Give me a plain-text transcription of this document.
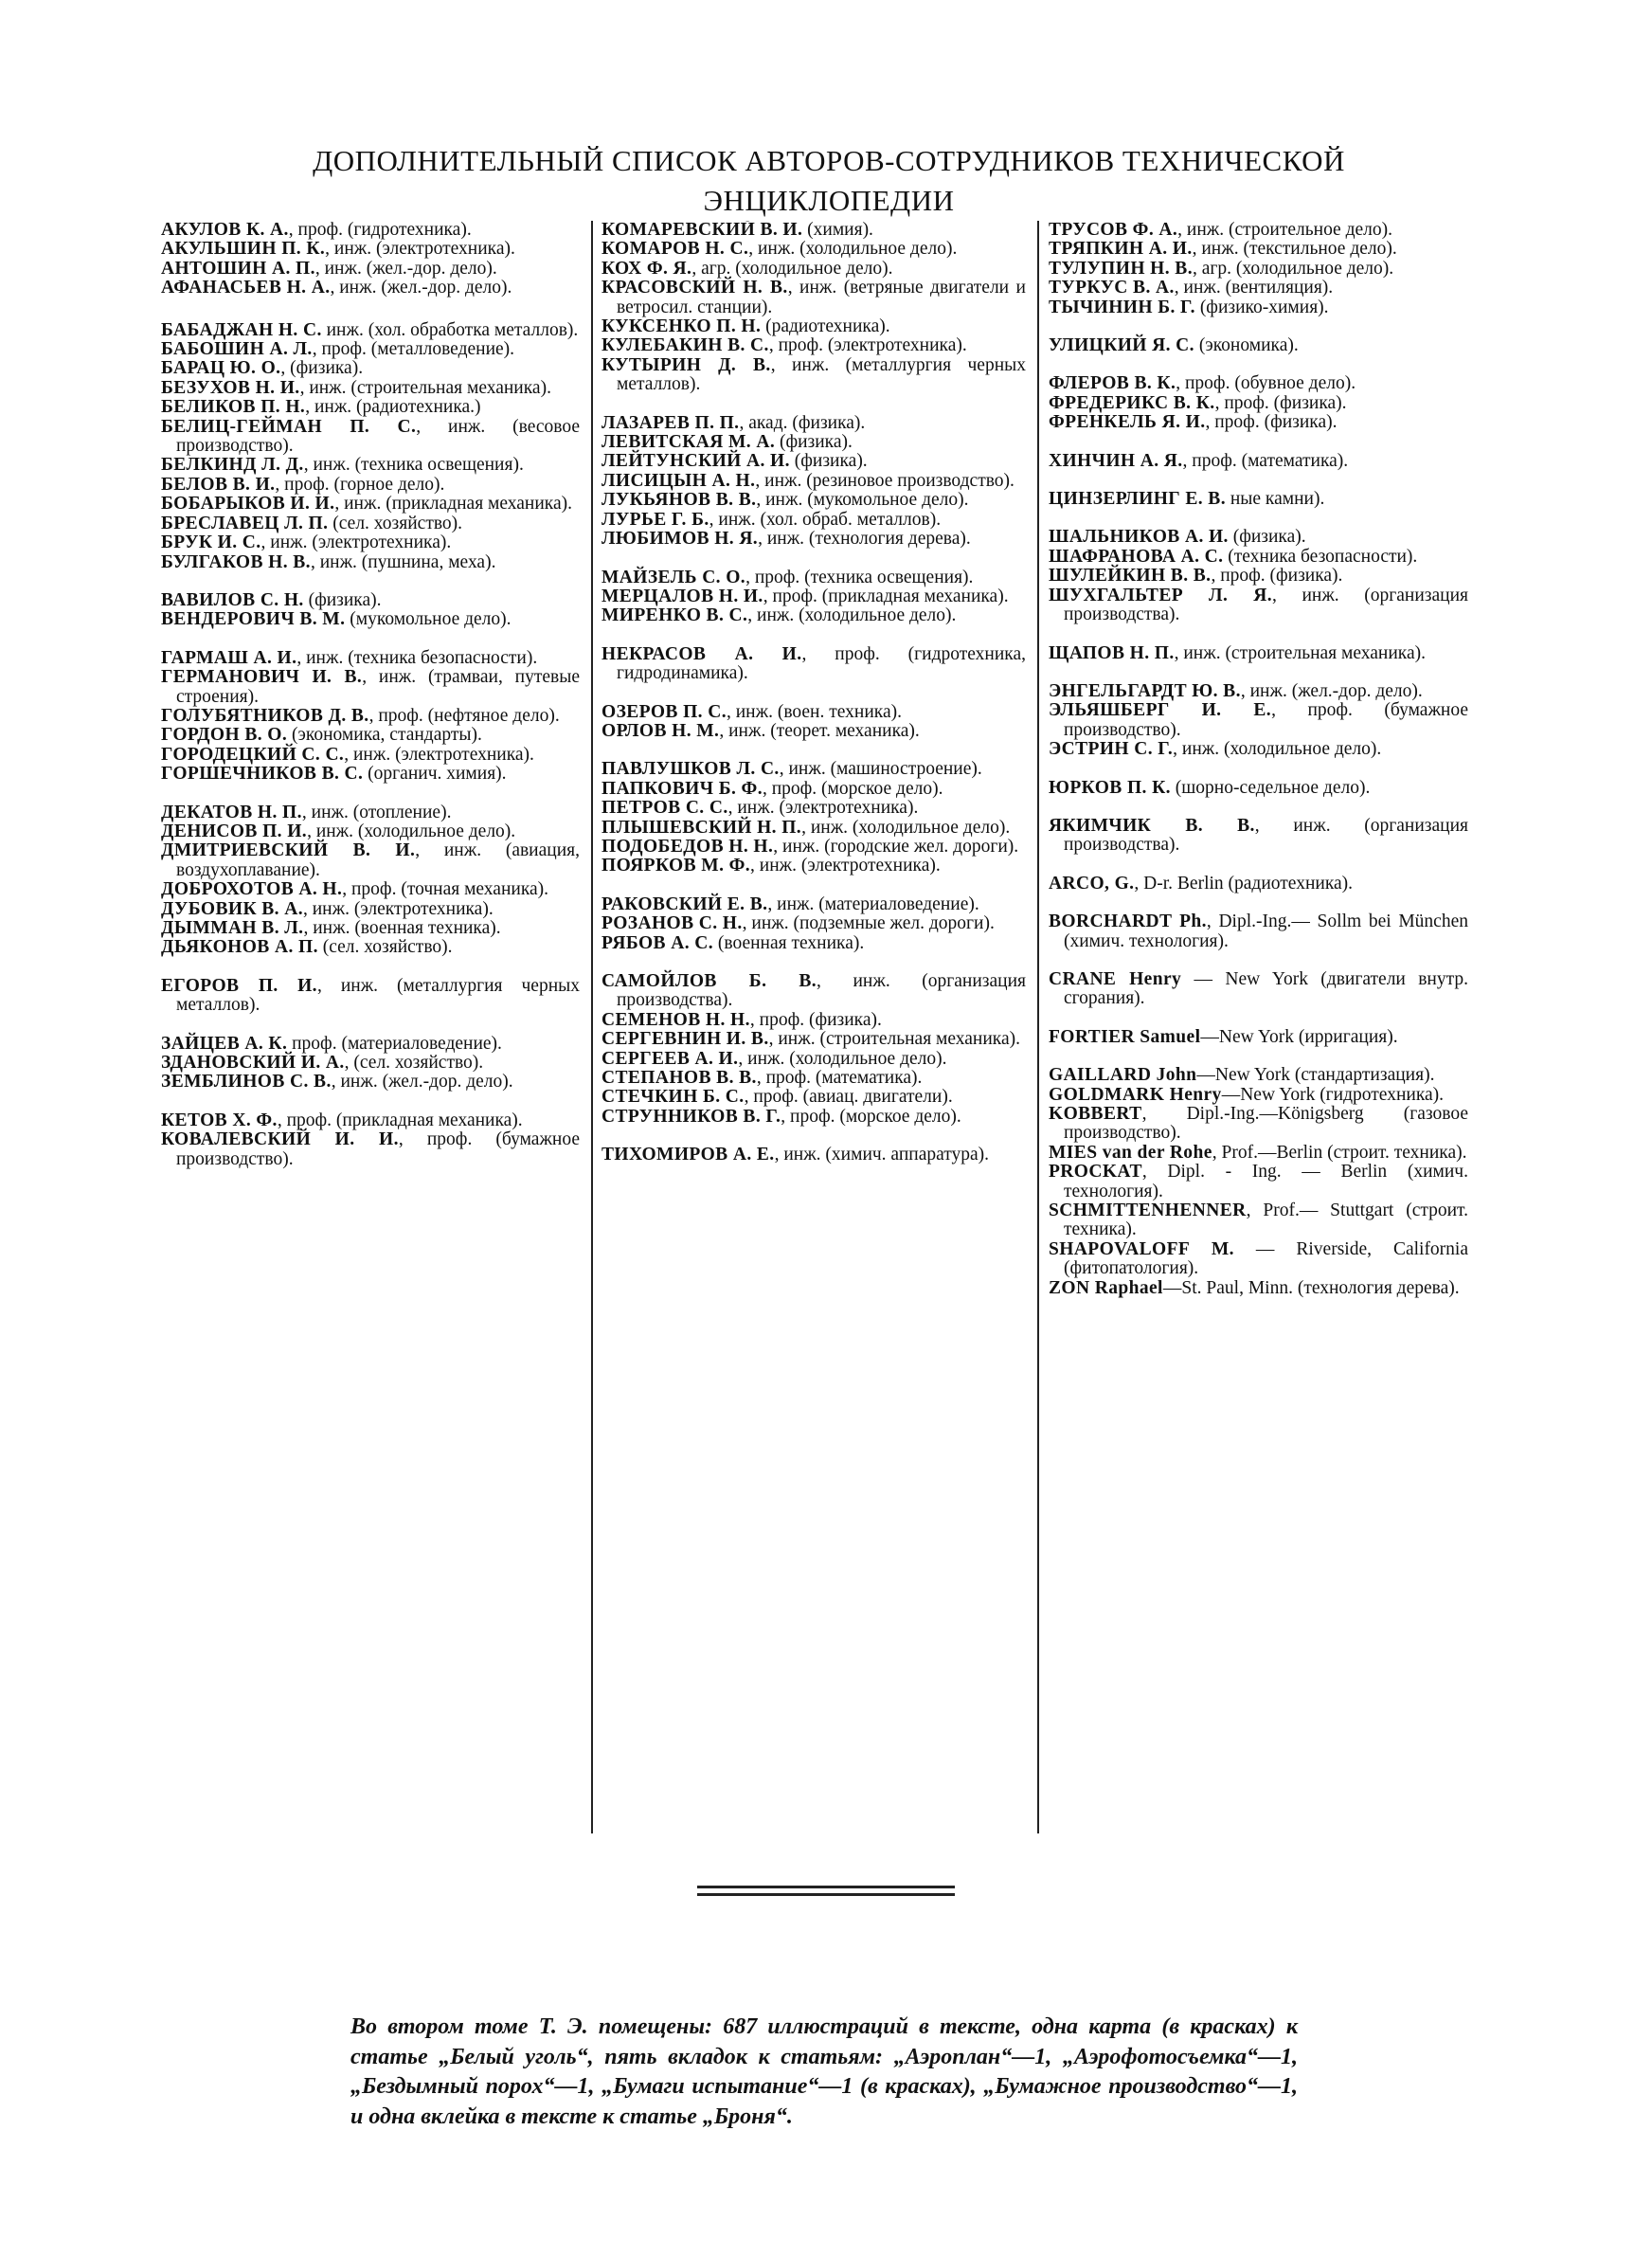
ДОПОЛНИТЕЛЬНЫЙ СПИСОК АВТОРОВ-СОТРУДНИКОВ ТЕХНИЧЕСКОЙ
ЭНЦИКЛОПЕДИИ

АКУЛОВ К. А., проф. (гидротехника).

АКУЛЬШИН П. К., инж. (электротехника).

АНТОШИН А. П., инж. (жел.-дор. дело).

АФАНАСЬЕВ Н. А., инж. (жел.-дор. дело).

БАБАДЖАН Н. С. инж. (хол. обработка металлов).

БАБОШИН А. Л., проф. (металловедение).

БАРАЦ Ю. О., (физика).

БЕЗУХОВ Н. И., инж. (строительная механика).

БЕЛИКОВ П. Н., инж. (радиотехника.)

БЕЛИЦ-ГЕЙМАН П. С., инж. (весовое производство).

БЕЛКИНД Л. Д., инж. (техника освещения).

БЕЛОВ В. И., проф. (горное дело).

БОБАРЫКОВ И. И., инж. (прикладная механика).

БРЕСЛАВЕЦ Л. П. (сел. хозяйство).

БРУК И. С., инж. (электротехника).

БУЛГАКОВ Н. В., инж. (пушнина, меха).

ВАВИЛОВ С. Н. (физика).

ВЕНДЕРОВИЧ В. М. (мукомольное дело).

ГАРМАШ А. И., инж. (техника безопасности).

ГЕРМАНОВИЧ И. В., инж. (трамваи, путевые строения).

ГОЛУБЯТНИКОВ Д. В., проф. (нефтяное дело).

ГОРДОН В. О. (экономика, стандарты).

ГОРОДЕЦКИЙ С. С., инж. (электротехника).

ГОРШЕЧНИКОВ В. С. (органич. химия).

ДЕКАТОВ Н. П., инж. (отопление).

ДЕНИСОВ П. И., инж. (холодильное дело).

ДМИТРИЕВСКИЙ В. И., инж. (авиация, воздухоплавание).

ДОБРОХОТОВ А. Н., проф. (точная механика).

ДУБОВИК В. А., инж. (электротехника).

ДЫММАН В. Л., инж. (военная техника).

ДЬЯКОНОВ А. П. (сел. хозяйство).

ЕГОРОВ П. И., инж. (металлургия черных металлов).

ЗАЙЦЕВ А. К. проф. (материаловедение).

ЗДАНОВСКИЙ И. А., (сел. хозяйство).

ЗЕМБЛИНОВ С. В., инж. (жел.-дор. дело).

КЕТОВ Х. Ф., проф. (прикладная механика).

КОВАЛЕВСКИЙ И. И., проф. (бумажное производство).

КОМАРЕВСКИЙ В. И. (химия).

КОМАРОВ Н. С., инж. (холодильное дело).

КОХ Ф. Я., агр. (холодильное дело).

КРАСОВСКИЙ Н. В., инж. (ветряные двигатели и ветросил. станции).

КУКСЕНКО П. Н. (радиотехника).

КУЛЕБАКИН В. С., проф. (электротехника).

КУТЫРИН Д. В., инж. (металлургия черных металлов).

ЛАЗАРЕВ П. П., акад. (физика).

ЛЕВИТСКАЯ М. А. (физика).

ЛЕЙТУНСКИЙ А. И. (физика).

ЛИСИЦЫН А. Н., инж. (резиновое производство).

ЛУКЬЯНОВ В. В., инж. (мукомольное дело).

ЛУРЬЕ Г. Б., инж. (хол. обраб. металлов).

ЛЮБИМОВ Н. Я., инж. (технология дерева).

МАЙЗЕЛЬ С. О., проф. (техника освещения).

МЕРЦАЛОВ Н. И., проф. (прикладная механика).

МИРЕНКО В. С., инж. (холодильное дело).

НЕКРАСОВ А. И., проф. (гидротехника, гидродинамика).

ОЗЕРОВ П. С., инж. (воен. техника).

ОРЛОВ Н. М., инж. (теорет. механика).

ПАВЛУШКОВ Л. С., инж. (машиностроение).

ПАПКОВИЧ Б. Ф., проф. (морское дело).

ПЕТРОВ С. С., инж. (электротехника).

ПЛЫШЕВСКИЙ Н. П., инж. (холодильное дело).

ПОДОБЕДОВ Н. Н., инж. (городские жел. дороги).

ПОЯРКОВ М. Ф., инж. (электротехника).

РАКОВСКИЙ Е. В., инж. (материаловедение).

РОЗАНОВ С. Н., инж. (подземные жел. дороги).

РЯБОВ А. С. (военная техника).

САМОЙЛОВ Б. В., инж. (организация производства).

СЕМЕНОВ Н. Н., проф. (физика).

СЕРГЕВНИН И. В., инж. (строительная механика).

СЕРГЕЕВ А. И., инж. (холодильное дело).

СТЕПАНОВ В. В., проф. (математика).

СТЕЧКИН Б. С., проф. (авиац. двигатели).

СТРУННИКОВ В. Г., проф. (морское дело).

ТИХОМИРОВ А. Е., инж. (химич. аппаратура).

ТРУСОВ Ф. А., инж. (строительное дело).

ТРЯПКИН А. И., инж. (текстильное дело).

ТУЛУПИН Н. В., агр. (холодильное дело).

ТУРКУС В. А., инж. (вентиляция).

ТЫЧИНИН Б. Г. (физико-химия).

УЛИЦКИЙ Я. С. (экономика).

ФЛЕРОВ В. К., проф. (обувное дело).

ФРЕДЕРИКС В. К., проф. (физика).

ФРЕНКЕЛЬ Я. И., проф. (физика).

ХИНЧИН А. Я., проф. (математика).

ЦИНЗЕРЛИНГ Е. В. ные камни).

ШАЛЬНИКОВ А. И. (физика).

ШАФРАНОВА А. С. (техника безопасности).

ШУЛЕЙКИН В. В., проф. (физика).

ШУХГАЛЬТЕР Л. Я., инж. (организация производства).

ЩАПОВ Н. П., инж. (строительная механика).

ЭНГЕЛЬГАРДТ Ю. В., инж. (жел.-дор. дело).

ЭЛЬЯШБЕРГ И. Е., проф. (бумажное производство).

ЭСТРИН С. Г., инж. (холодильное дело).

ЮРКОВ П. К. (шорно-седельное дело).

ЯКИМЧИК В. В., инж. (организация производства).

ARCO, G., D-r. Berlin (радиотехника).

BORCHARDT Ph., Dipl.-Ing.— Sollm bei München (химич. технология).

CRANE Henry — New York (двигатели внутр. сгорания).

FORTIER Samuel—New York (ирригация).

GAILLARD John—New York (стандартизация).

GOLDMARK Henry—New York (гидротехника).

KOBBERT, Dipl.-Ing.—Königsberg (газовое производство).

MIES van der Rohe, Prof.—Berlin (строит. техника).

PROCKAT, Dipl. - Ing. — Berlin (химич. технология).

SCHMITTENHENNER, Prof.— Stuttgart (строит. техника).

SHAPOVALOFF M. — Riverside, California (фитопатология).

ZON Raphael—St. Paul, Minn. (технология дерева).

Во втором томе Т. Э. помещены: 687 иллюстраций в тексте, одна карта (в красках) к статье „Белый уголь“, пять вкладок к статьям: „Аэроплан“—1, „Аэрофотосъемка“—1, „Бездымный порох“—1, „Бумаги испытание“—1 (в красках), „Бумажное производство“—1, и одна вклейка в тексте к статье „Броня“.
